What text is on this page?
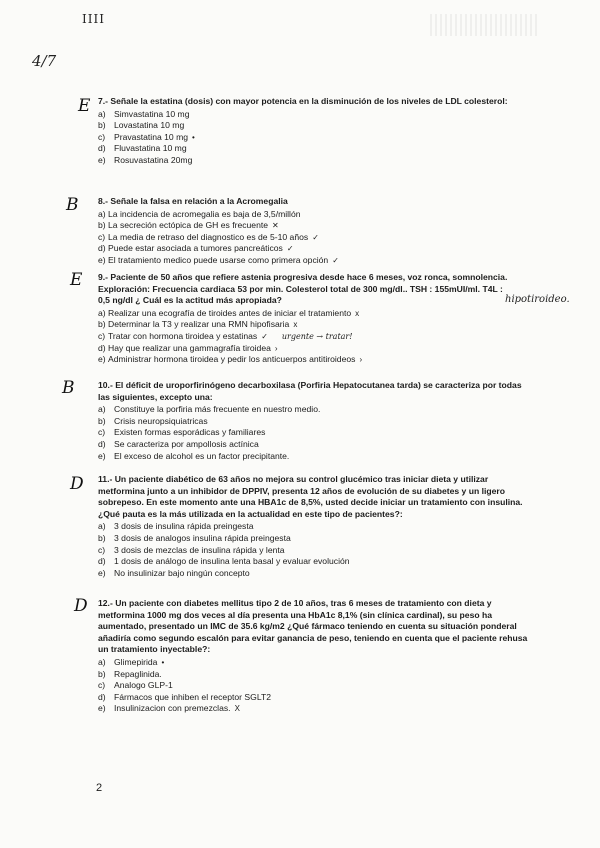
IIII
4/7
E 7.- Señale la estatina (dosis) con mayor potencia en la disminución de los niveles de LDL colesterol:
a) Simvastatina 10 mg
b) Lovastatina 10 mg
c)	Pravastatina 10 mg •
d) Fluvastatina 10 mg
e) Rosuvastatina 20mg
B 8.- Señale la falsa en relación a la Acromegalia
a) La incidencia de acromegalia es baja de 3,5/millón
b) La secreción ectópica de GH es frecuente ✕
c) La media de retraso del diagnostico es de 5-10 años ✓
d) Puede estar asociada a tumores pancreáticos ✓
e) El tratamiento medico puede usarse como primera opción ✓
E
hipotiroideo.
9.- Paciente de 50 años que refiere astenia progresiva desde hace 6 meses, voz ronca, somnolencia. Exploración: Frecuencia cardiaca 53 por min. Colesterol total de 300 mg/dl.. TSH : 155mUI/ml. T4L : 0,5 ng/dl ¿ Cuál es la actitud más apropiada?
a) Realizar una ecografía de tiroides antes de iniciar el tratamiento x
b) Determinar la T3 y realizar una RMN hipofisaria x
c) Tratar con hormona tiroidea y estatinas ✓ urgente → tratar!
d) Hay que realizar una gammagrafía tiroidea ›
e) Administrar hormona tiroidea y pedir los anticuerpos antitiroideos ›
B	10.- El déficit de uroporfirinógeno decarboxilasa (Porfiria Hepatocutanea tarda) se caracteriza por todas las siguientes, excepto una:
a) Constituye la porfiria más frecuente en nuestro medio.
b) Crisis neuropsiquiatricas
c)	Existen formas esporádicas y familiares
d) Se caracteriza por ampollosis actínica
e) El exceso de alcohol es un factor precipitante.
D 11.- Un paciente diabético de 63 años no mejora su control glucémico tras iniciar dieta y utilizar metformina junto a un inhibidor de DPPIV, presenta 12 años de evolución de su diabetes y un ligero sobrepeso. En este momento ante una HBA1c de 8,5%, usted decide iniciar un tratamiento con insulina. ¿Qué pauta es la más utilizada en la actualidad en este tipo de pacientes?:
a) 3 dosis de insulina rápida preingesta
b) 3 dosis de analogos insulina rápida preingesta
c)	3 dosis de mezclas de insulina rápida y lenta
d) 1 dosis de análogo de insulina lenta basal y evaluar evolución
e) No insulinizar bajo ningún concepto
D 12.- Un paciente con diabetes mellitus tipo 2 de 10 años, tras 6 meses de tratamiento con dieta y metformina 1000 mg dos veces al día presenta una HbA1c 8,1% (sin clínica cardinal), su peso ha aumentado, presentado un IMC de 35.6 kg/m2 ¿Qué fármaco teniendo en cuenta su situación ponderal añadiría como segundo escalón para evitar ganancia de peso, teniendo en cuenta que el paciente rehusa un tratamiento inyectable?:
a) Glimepirida •
b) Repaglinida.
c)	Analogo GLP-1
d) Fármacos que inhiben el receptor SGLT2
e) Insulinizacion con premezclas. X
2
